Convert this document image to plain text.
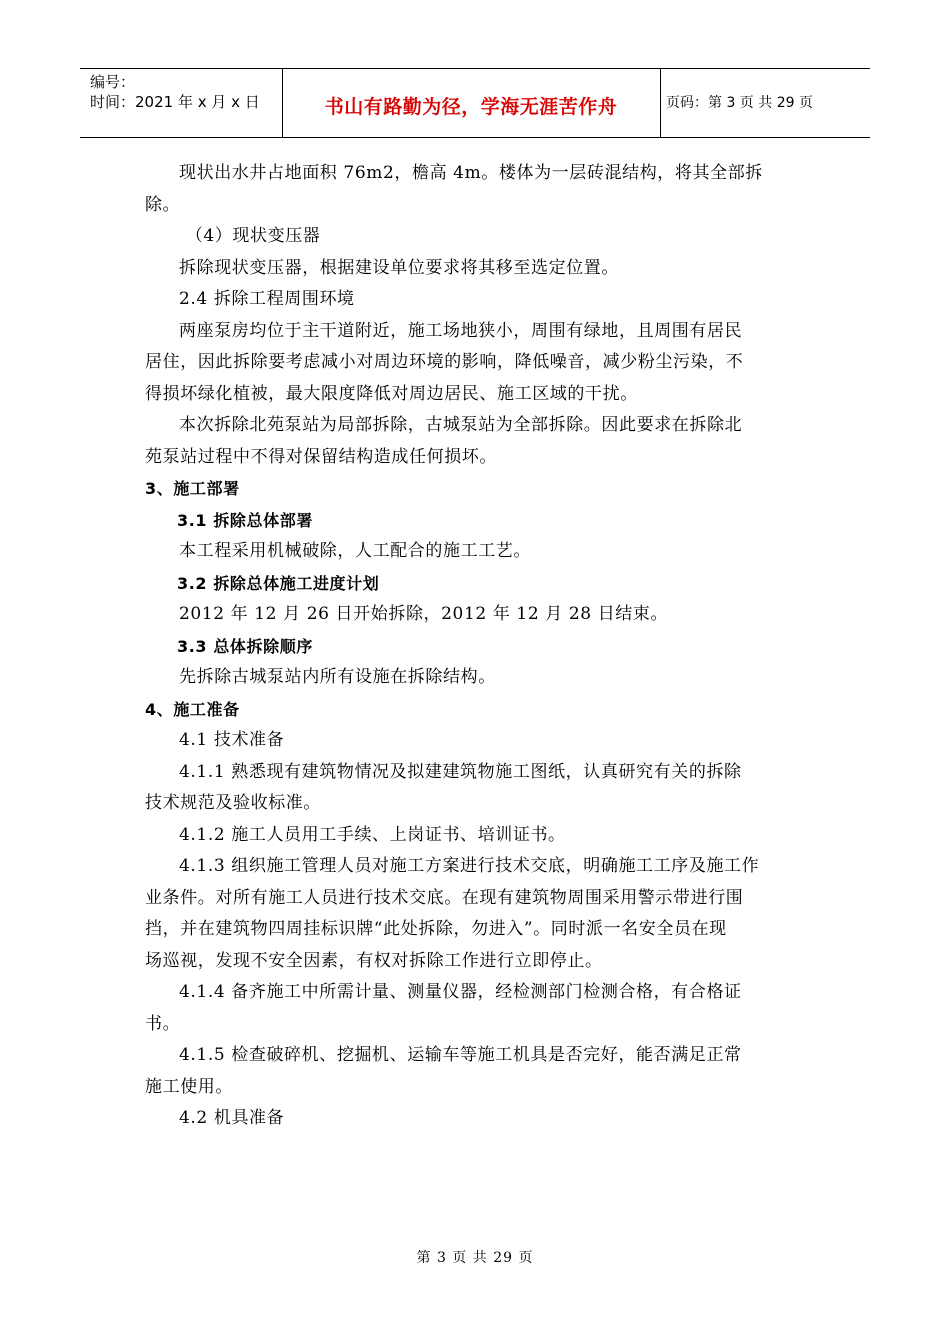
编号：
时间：2021 年 x 月 x 日	书山有路勤为径，学海无涯苦作舟	页码：第 3 页 共 29 页

现状出水井占地面积 76m2，檐高 4m。楼体为一层砖混结构，将其全部拆

除。

（4）现状变压器

拆除现状变压器，根据建设单位要求将其移至选定位置。

2.4 拆除工程周围环境

两座泵房均位于主干道附近，施工场地狭小，周围有绿地，且周围有居民

居住，因此拆除要考虑减小对周边环境的影响，降低噪音，减少粉尘污染，不

得损坏绿化植被，最大限度降低对周边居民、施工区域的干扰。

本次拆除北苑泵站为局部拆除，古城泵站为全部拆除。因此要求在拆除北

苑泵站过程中不得对保留结构造成任何损坏。

3、施工部署

3.1 拆除总体部署

本工程采用机械破除，人工配合的施工工艺。

3.2 拆除总体施工进度计划

2012 年 12 月 26 日开始拆除，2012 年 12 月 28 日结束。

3.3 总体拆除顺序

先拆除古城泵站内所有设施在拆除结构。

4、施工准备

4.1 技术准备

4.1.1 熟悉现有建筑物情况及拟建建筑物施工图纸，认真研究有关的拆除

技术规范及验收标准。

4.1.2 施工人员用工手续、上岗证书、培训证书。

4.1.3 组织施工管理人员对施工方案进行技术交底，明确施工工序及施工作

业条件。对所有施工人员进行技术交底。在现有建筑物周围采用警示带进行围

挡，并在建筑物四周挂标识牌“此处拆除，勿进入”。同时派一名安全员在现

场巡视，发现不安全因素，有权对拆除工作进行立即停止。

4.1.4 备齐施工中所需计量、测量仪器，经检测部门检测合格，有合格证

书。

4.1.5 检查破碎机、挖掘机、运输车等施工机具是否完好，能否满足正常

施工使用。

4.2 机具准备

第 3 页 共 29 页
